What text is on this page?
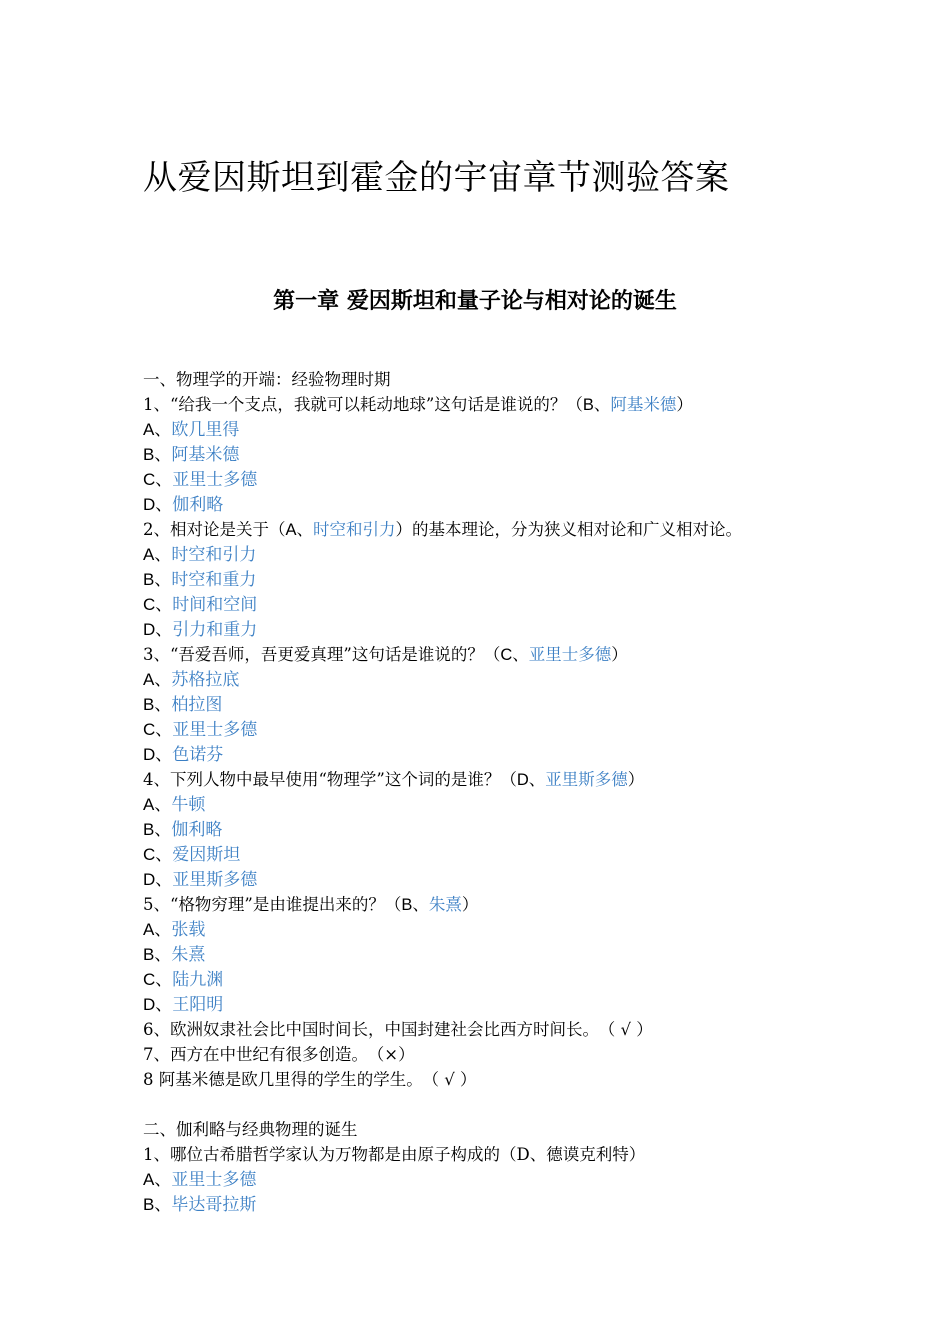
从爱因斯坦到霍金的宇宙章节测验答案
第一章 爱因斯坦和量子论与相对论的诞生
一、物理学的开端：经验物理时期
1、“给我一个支点，我就可以耗动地球”这句话是谁说的？（B、阿基米德）
A、欧几里得
B、阿基米德
C、亚里士多德
D、伽利略
2、相对论是关于（A、时空和引力）的基本理论，分为狭义相对论和广义相对论。
A、时空和引力
B、时空和重力
C、时间和空间
D、引力和重力
3、“吾爱吾师，吾更爱真理”这句话是谁说的？（C、亚里士多德）
A、苏格拉底
B、柏拉图
C、亚里士多德
D、色诺芬
4、下列人物中最早使用“物理学”这个词的是谁？（D、亚里斯多德）
A、牛顿
B、伽利略
C、爱因斯坦
D、亚里斯多德
5、“格物穷理”是由谁提出来的？（B、朱熹）
A、张载
B、朱熹
C、陆九渊
D、王阳明
6、欧洲奴隶社会比中国时间长，中国封建社会比西方时间长。 （ √ ）
7、西方在中世纪有很多创造。 （×）
8 阿基米德是欧几里得的学生的学生。 （ √ ）
二、伽利略与经典物理的诞生
1、哪位古希腊哲学家认为万物都是由原子构成的（D、德谟克利特）
A、亚里士多德
B、毕达哥拉斯
